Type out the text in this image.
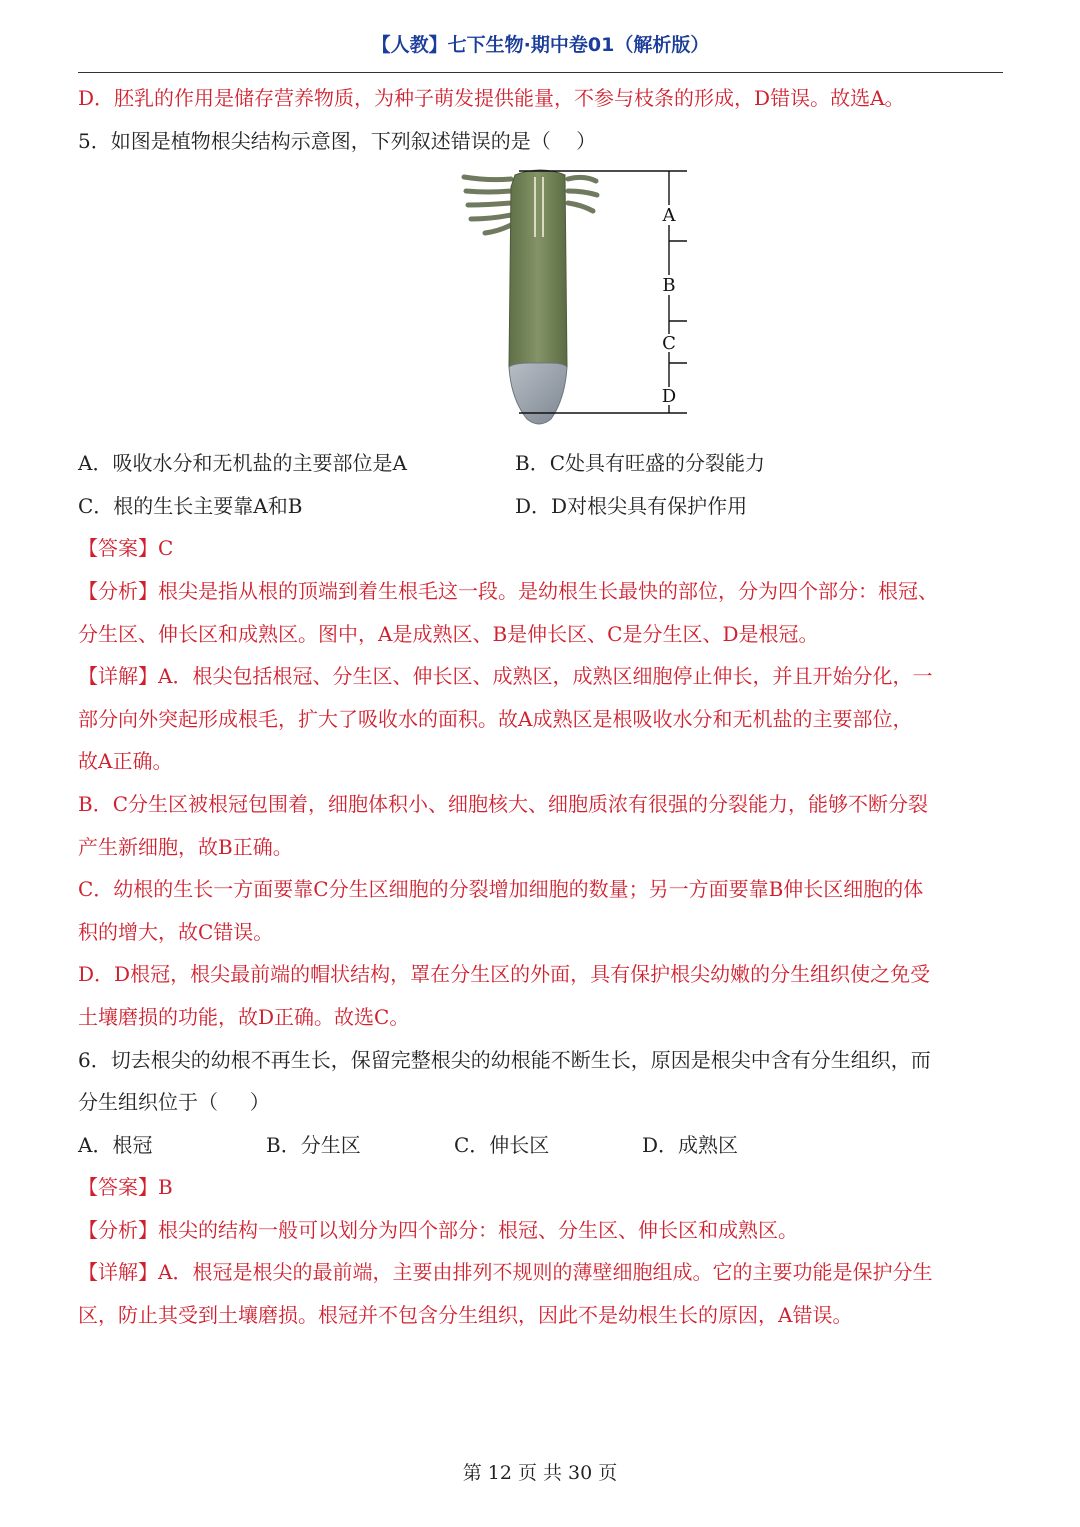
【人教】七下生物·期中卷01（解析版）

D．胚乳的作用是储存营养物质，为种子萌发提供能量，不参与枝条的形成，D错误。故选A。

5．如图是植物根尖结构示意图，下列叙述错误的是（    ）

A
B
C
D
A．吸收水分和无机盐的主要部位是A	B．C处具有旺盛的分裂能力
C．根的生长主要靠A和B	D．D对根尖具有保护作用

【答案】C

【分析】根尖是指从根的顶端到着生根毛这一段。是幼根生长最快的部位，分为四个部分：根冠、

分生区、伸长区和成熟区。图中，A是成熟区、B是伸长区、C是分生区、D是根冠。

【详解】A．根尖包括根冠、分生区、伸长区、成熟区，成熟区细胞停止伸长，并且开始分化，一

部分向外突起形成根毛，扩大了吸收水的面积。故A成熟区是根吸收水分和无机盐的主要部位，

故A正确。

B．C分生区被根冠包围着，细胞体积小、细胞核大、细胞质浓有很强的分裂能力，能够不断分裂

产生新细胞，故B正确。

C．幼根的生长一方面要靠C分生区细胞的分裂增加细胞的数量；另一方面要靠B伸长区细胞的体

积的增大，故C错误。

D．D根冠，根尖最前端的帽状结构，罩在分生区的外面，具有保护根尖幼嫩的分生组织使之免受

土壤磨损的功能，故D正确。故选C。

6．切去根尖的幼根不再生长，保留完整根尖的幼根能不断生长，原因是根尖中含有分生组织，而

分生组织位于（     ）

A．根冠	B．分生区	C．伸长区	D．成熟区

【答案】B

【分析】根尖的结构一般可以划分为四个部分：根冠、分生区、伸长区和成熟区。

【详解】A．根冠是根尖的最前端，主要由排列不规则的薄壁细胞组成。它的主要功能是保护分生

区，防止其受到土壤磨损。根冠并不包含分生组织，因此不是幼根生长的原因，A错误。

第 12 页 共 30 页
